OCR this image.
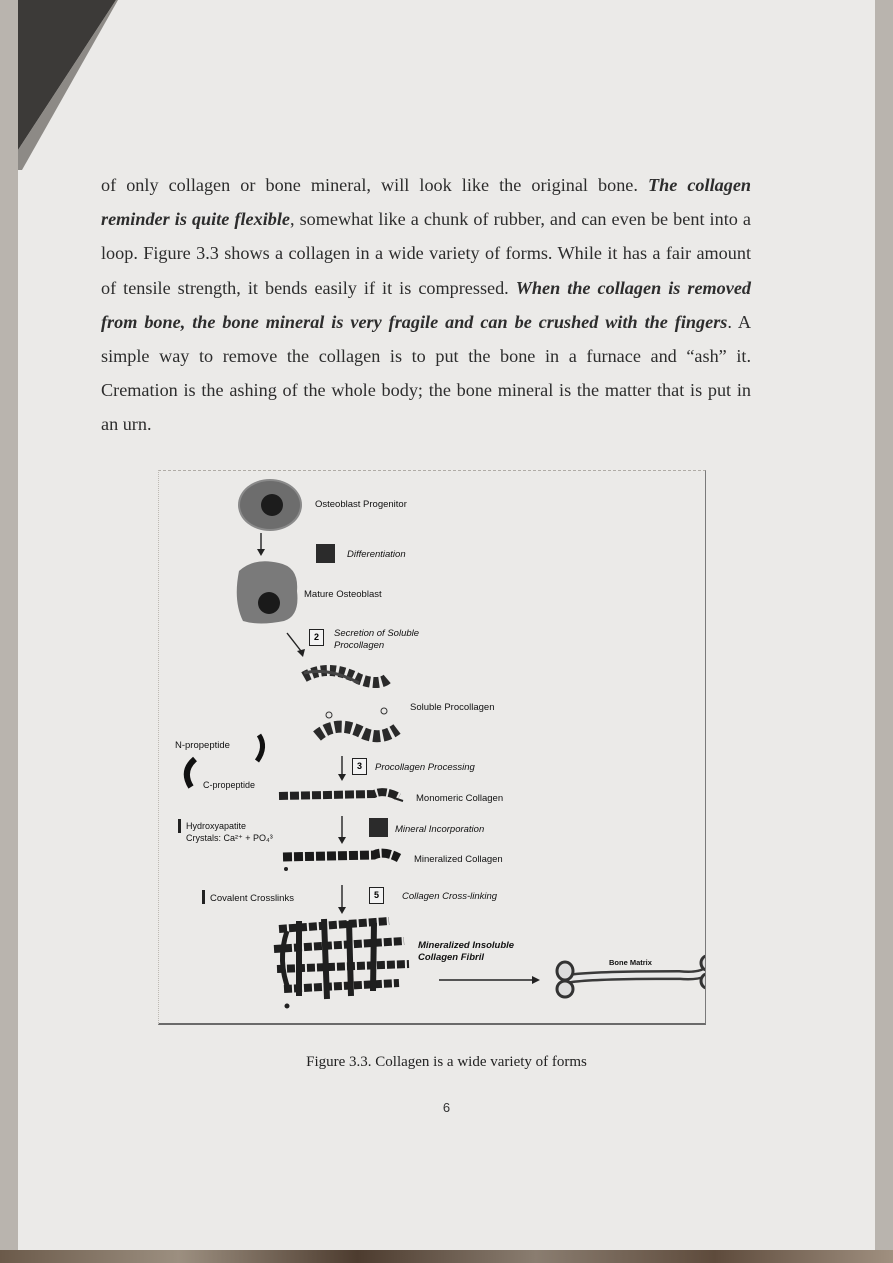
of only collagen or bone mineral, will look like the original bone. The collagen reminder is quite flexible, somewhat like a chunk of rubber, and can even be bent into a loop. Figure 3.3 shows a collagen in a wide variety of forms. While it has a fair amount of tensile strength, it bends easily if it is compressed. When the collagen is removed from bone, the bone mineral is very fragile and can be crushed with the fingers. A simple way to remove the collagen is to put the bone in a furnace and “ash” it. Cremation is the ashing of the whole body; the bone mineral is the matter that is put in an urn.
Osteoblast Progenitor
Differentiation
Mature Osteoblast
2	Secretion of Soluble
Procollagen
Soluble Procollagen
N-propeptide
C-propeptide
3	Procollagen Processing
Monomeric Collagen
Hydroxyapatite
Crystals: Ca²⁺ + PO₄³
Mineral Incorporation
Mineralized Collagen
Covalent Crosslinks	5	Collagen Cross-linking
Mineralized Insoluble
Collagen Fibril	Bone Matrix
Figure 3.3. Collagen is a wide variety of forms
6
